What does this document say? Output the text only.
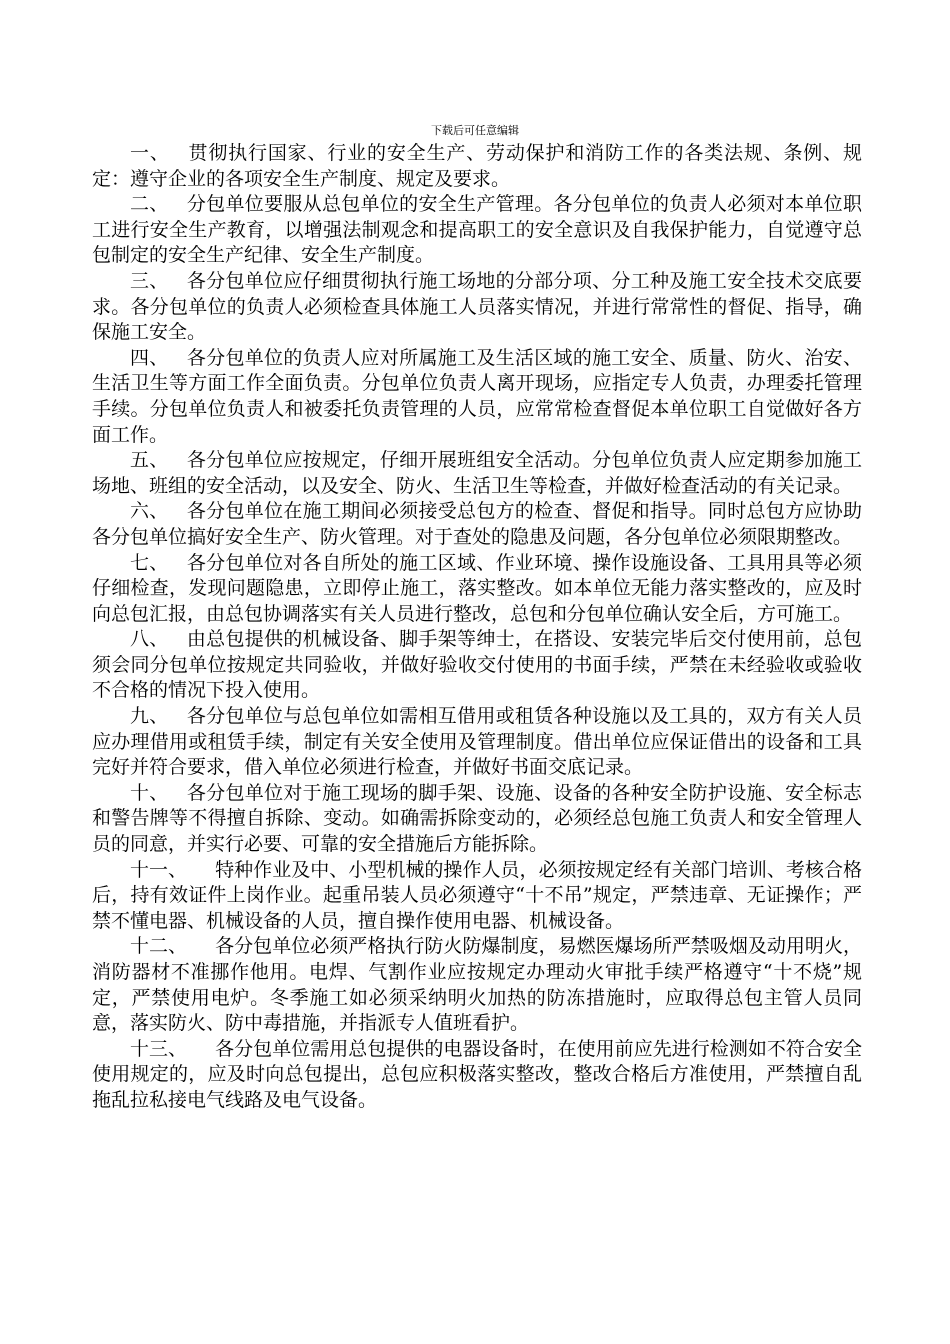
下载后可任意编辑

一、 贯彻执行国家、行业的安全生产、劳动保护和消防工作的各类法规、条例、规定：遵守企业的各项安全生产制度、规定及要求。

二、 分包单位要服从总包单位的安全生产管理。各分包单位的负责人必须对本单位职工进行安全生产教育，以增强法制观念和提高职工的安全意识及自我保护能力，自觉遵守总包制定的安全生产纪律、安全生产制度。

三、 各分包单位应仔细贯彻执行施工场地的分部分项、分工种及施工安全技术交底要求。各分包单位的负责人必须检查具体施工人员落实情况，并进行常常性的督促、指导，确保施工安全。

四、 各分包单位的负责人应对所属施工及生活区域的施工安全、质量、防火、治安、生活卫生等方面工作全面负责。分包单位负责人离开现场，应指定专人负责，办理委托管理手续。分包单位负责人和被委托负责管理的人员，应常常检查督促本单位职工自觉做好各方面工作。

五、 各分包单位应按规定，仔细开展班组安全活动。分包单位负责人应定期参加施工场地、班组的安全活动，以及安全、防火、生活卫生等检查，并做好检查活动的有关记录。

六、 各分包单位在施工期间必须接受总包方的检查、督促和指导。同时总包方应协助各分包单位搞好安全生产、防火管理。对于查处的隐患及问题，各分包单位必须限期整改。

七、 各分包单位对各自所处的施工区域、作业环境、操作设施设备、工具用具等必须仔细检查，发现问题隐患，立即停止施工，落实整改。如本单位无能力落实整改的，应及时向总包汇报，由总包协调落实有关人员进行整改，总包和分包单位确认安全后，方可施工。

八、 由总包提供的机械设备、脚手架等绅士，在搭设、安装完毕后交付使用前，总包须会同分包单位按规定共同验收，并做好验收交付使用的书面手续，严禁在未经验收或验收不合格的情况下投入使用。

九、 各分包单位与总包单位如需相互借用或租赁各种设施以及工具的，双方有关人员应办理借用或租赁手续，制定有关安全使用及管理制度。借出单位应保证借出的设备和工具完好并符合要求，借入单位必须进行检查，并做好书面交底记录。

十、 各分包单位对于施工现场的脚手架、设施、设备的各种安全防护设施、安全标志和警告牌等不得擅自拆除、变动。如确需拆除变动的，必须经总包施工负责人和安全管理人员的同意，并实行必要、可靠的安全措施后方能拆除。

十一、 特种作业及中、小型机械的操作人员，必须按规定经有关部门培训、考核合格后，持有效证件上岗作业。起重吊装人员必须遵守“十不吊”规定，严禁违章、无证操作；严禁不懂电器、机械设备的人员，擅自操作使用电器、机械设备。

十二、 各分包单位必须严格执行防火防爆制度，易燃医爆场所严禁吸烟及动用明火，消防器材不准挪作他用。电焊、气割作业应按规定办理动火审批手续严格遵守“十不烧”规定，严禁使用电炉。冬季施工如必须采纳明火加热的防冻措施时，应取得总包主管人员同意，落实防火、防中毒措施，并指派专人值班看护。

十三、 各分包单位需用总包提供的电器设备时，在使用前应先进行检测如不符合安全使用规定的，应及时向总包提出，总包应积极落实整改，整改合格后方准使用，严禁擅自乱拖乱拉私接电气线路及电气设备。
